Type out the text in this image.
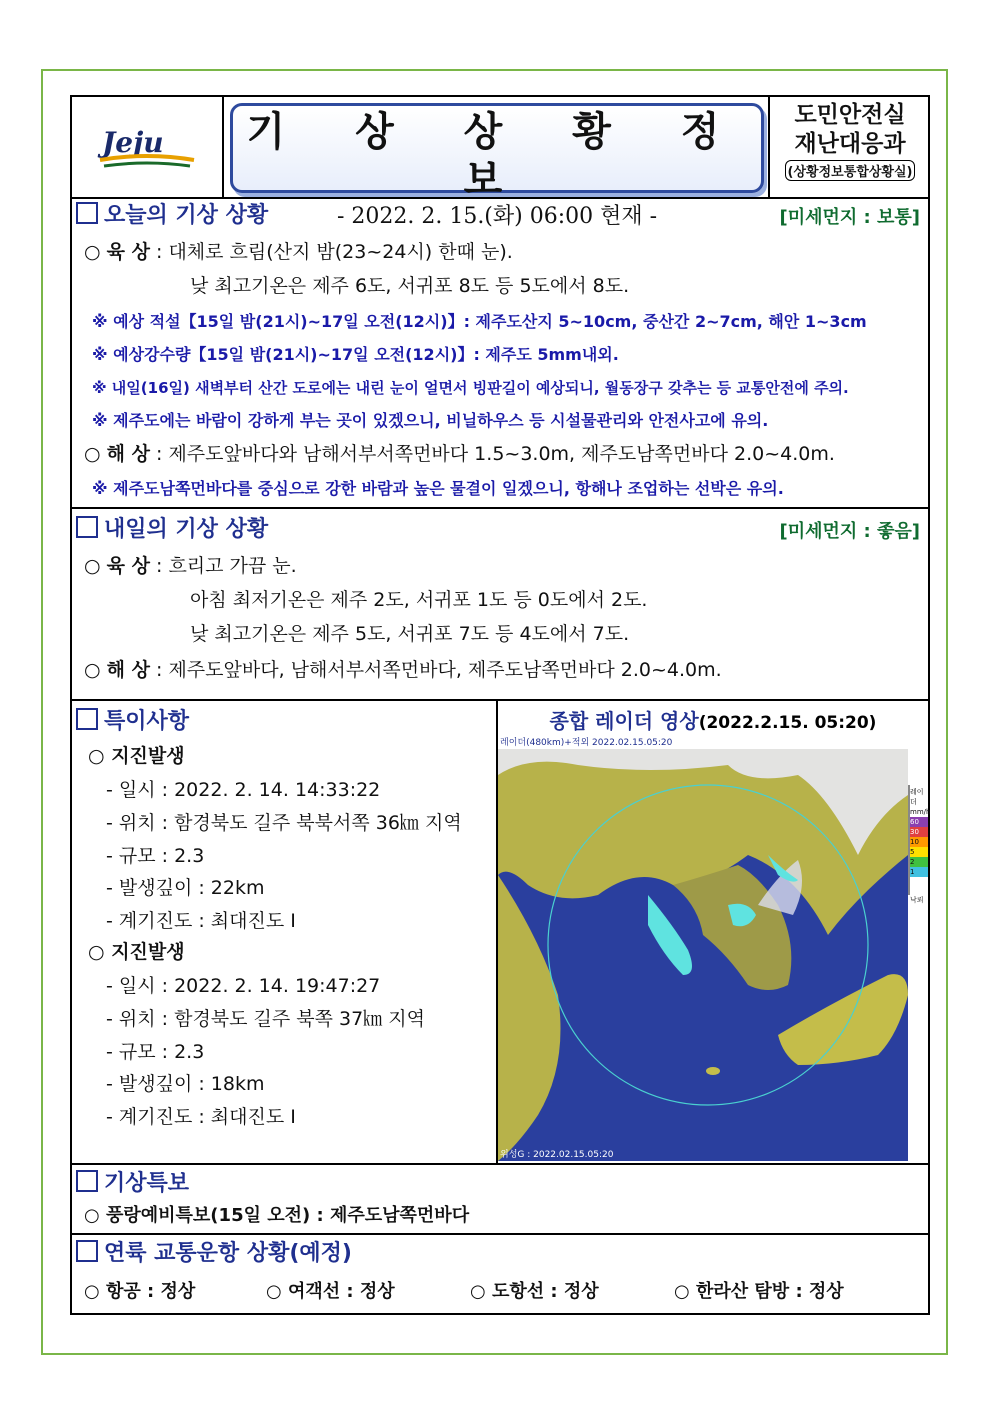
Jeju	기 상 상 황 정 보
- 2022. 2. 15.(화) 06:00 현재 -
도민안전실
재난대응과
(상황정보통합상황실)
오늘의 기상 상황	[미세먼지 : 보통]
○ 육 상 : 대체로 흐림(산지 밤(23~24시) 한때 눈).
낮 최고기온은 제주 6도, 서귀포 8도 등 5도에서 8도.
※ 예상 적설【15일 밤(21시)~17일 오전(12시)】: 제주도산지 5~10cm, 중산간 2~7cm, 해안 1~3cm
※ 예상강수량【15일 밤(21시)~17일 오전(12시)】: 제주도 5mm내외.
※ 내일(16일) 새벽부터 산간 도로에는 내린 눈이 얼면서 빙판길이 예상되니, 월동장구 갖추는 등 교통안전에 주의.
※ 제주도에는 바람이 강하게 부는 곳이 있겠으니, 비닐하우스 등 시설물관리와 안전사고에 유의.
○ 해 상 : 제주도앞바다와 남해서부서쪽먼바다 1.5~3.0m, 제주도남쪽먼바다 2.0~4.0m.
※ 제주도남쪽먼바다를 중심으로 강한 바람과 높은 물결이 일겠으니, 항해나 조업하는 선박은 유의.
내일의 기상 상황	[미세먼지 : 좋음]
○ 육 상 : 흐리고 가끔 눈.
아침 최저기온은 제주 2도, 서귀포 1도 등 0도에서 2도.
낮 최고기온은 제주 5도, 서귀포 7도 등 4도에서 7도.
○ 해 상 : 제주도앞바다, 남해서부서쪽먼바다, 제주도남쪽먼바다 2.0~4.0m.
특이사항
○ 지진발생
- 일시 : 2022. 2. 14. 14:33:22
- 위치 : 함경북도 길주 북북서쪽 36㎞ 지역
- 규모 : 2.3
- 발생깊이 : 22km
- 계기진도 : 최대진도 Ⅰ
○ 지진발생
- 일시 : 2022. 2. 14. 19:47:27
- 위치 : 함경북도 길주 북쪽 37㎞ 지역
- 규모 : 2.3
- 발생깊이 : 18km
- 계기진도 : 최대진도 Ⅰ
종합 레이더 영상(2022.2.15. 05:20)
레이더(480km)+적외 2022.02.15.05:20
위성G : 2022.02.15.05:20
레이더
mm/h
60
30
10
5
2
1
낙뢰
기상특보
○ 풍랑예비특보(15일 오전) : 제주도남쪽먼바다
연륙 교통운항 상황(예정)
○ 항공 : 정상	○ 여객선 : 정상	○ 도항선 : 정상	○ 한라산 탐방 : 정상
